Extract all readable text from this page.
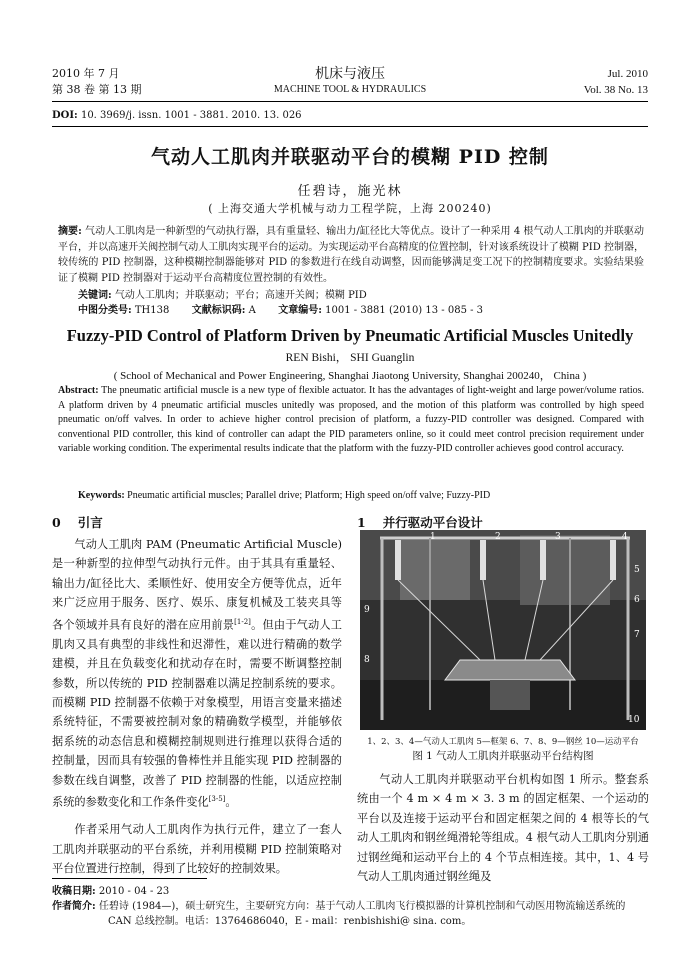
2010 年 7 月
第 38 卷 第 13 期
机床与液压
MACHINE TOOL & HYDRAULICS
Jul. 2010
Vol. 38 No. 13
DOI: 10. 3969/j. issn. 1001 - 3881. 2010. 13. 026
气动人工肌肉并联驱动平台的模糊 PID 控制
任碧诗，施光林
( 上海交通大学机械与动力工程学院，上海 200240)
摘要: 气动人工肌肉是一种新型的气动执行器，具有重量轻、输出力/缸径比大等优点。设计了一种采用 4 根气动人工肌肉的并联驱动平台，并以高速开关阀控制气动人工肌肉实现平台的运动。为实现运动平台高精度的位置控制，针对该系统设计了模糊 PID 控制器，较传统的 PID 控制器，这种模糊控制器能够对 PID 的参数进行在线自动调整，因而能够满足变工况下的控制精度要求。实验结果验证了模糊 PID 控制器对于运动平台高精度位置控制的有效性。
关键词: 气动人工肌肉；并联驱动；平台；高速开关阀；模糊 PID
中图分类号: TH138 文献标识码: A 文章编号: 1001 - 3881 (2010) 13 - 085 - 3
Fuzzy-PID Control of Platform Driven by Pneumatic Artificial Muscles Unitedly
REN Bishi， SHI Guanglin
( School of Mechanical and Power Engineering, Shanghai Jiaotong University, Shanghai 200240， China )
Abstract: The pneumatic artificial muscle is a new type of flexible actuator. It has the advantages of light-weight and large power/volume ratios. A platform driven by 4 pneumatic artificial muscles unitedly was proposed, and the motion of this platform was controlled by high speed pneumatic on/off valves. In order to achieve higher control precision of platform, a fuzzy-PID controller was designed. Compared with conventional PID controller, this kind of controller can adapt the PID parameters online, so it could meet control precision requirement under variable working condition. The experimental results indicate that the platform with the fuzzy-PID controller achieves good control accuracy.
Keywords: Pneumatic artificial muscles; Parallel drive; Platform; High speed on/off valve; Fuzzy-PID
0 引言

气动人工肌肉 PAM (Pneumatic Artificial Muscle) 是一种新型的拉伸型气动执行元件。由于其具有重量轻、输出力/缸径比大、柔顺性好、使用安全方便等优点，近年来广泛应用于服务、医疗、娱乐、康复机械及工装夹具等各个领域并具有良好的潜在应用前景[1-2]。但由于气动人工肌肉又具有典型的非线性和迟滞性，难以进行精确的数学建模，并且在负载变化和扰动存在时，需要不断调整控制参数，所以传统的 PID 控制器难以满足控制系统的要求。而模糊 PID 控制器不依赖于对象模型，用语言变量来描述系统特征，不需要被控制对象的精确数学模型，并能够依据系统的动态信息和模糊控制规则进行推理以获得合适的控制量，因而具有较强的鲁棒性并且能实现 PID 控制器的参数在线自调整，改善了 PID 控制器的性能，以适应控制系统的参数变化和工作条件变化[3-5]。

作者采用气动人工肌肉作为执行元件，建立了一套人工肌肉并联驱动的平台系统，并利用模糊 PID 控制策略对平台位置进行控制，得到了比较好的控制效果。

1 并行驱动平台设计
1	2	3	4
5
6
7
8
9
10
1、2、3、4—气动人工肌肉 5—框架 6、7、8、9—钢丝 10—运动平台
图 1 气动人工肌肉并联驱动平台结构图

气动人工肌肉并联驱动平台机构如图 1 所示。整套系统由一个 4 m × 4 m × 3. 3 m 的固定框架、一个运动的平台以及连接于运动平台和固定框架之间的 4 根等长的气动人工肌肉和钢丝绳滑轮等组成。4 根气动人工肌肉分别通过钢丝绳和运动平台上的 4 个节点相连接。其中，1、4 号气动人工肌肉通过钢丝绳及

收稿日期: 2010 - 04 - 23
作者简介: 任碧诗 (1984—)，硕士研究生，主要研究方向：基于气动人工肌肉飞行模拟器的计算机控制和气动医用物流输送系统的 CAN 总线控制。电话：13764686040，E - mail：renbishishi@ sina. com。
